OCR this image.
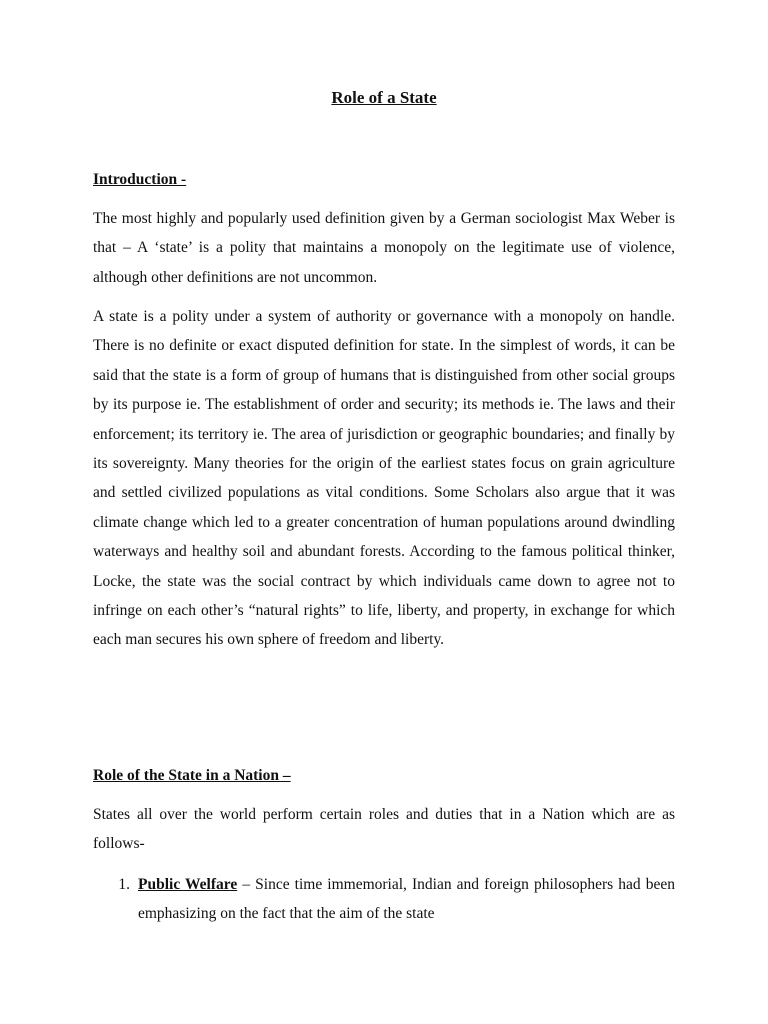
Role of a State
Introduction -

The most highly and popularly used definition given by a German sociologist Max Weber is that – A ‘state’ is a polity that maintains a monopoly on the legitimate use of violence, although other definitions are not uncommon.

A state is a polity under a system of authority or governance with a monopoly on handle. There is no definite or exact disputed definition for state. In the simplest of words, it can be said that the state is a form of group of humans that is distinguished from other social groups by its purpose ie. The establishment of order and security; its methods ie. The laws and their enforcement; its territory ie. The area of jurisdiction or geographic boundaries; and finally by its sovereignty. Many theories for the origin of the earliest states focus on grain agriculture and settled civilized populations as vital conditions. Some Scholars also argue that it was climate change which led to a greater concentration of human populations around dwindling waterways and healthy soil and abundant forests. According to the famous political thinker, Locke, the state was the social contract by which individuals came down to agree not to infringe on each other’s “natural rights” to life, liberty, and property, in exchange for which each man secures his own sphere of freedom and liberty.

Role of the State in a Nation –

States all over the world perform certain roles and duties that in a Nation which are as follows-

1. Public Welfare – Since time immemorial, Indian and foreign philosophers had been emphasizing on the fact that the aim of the state
